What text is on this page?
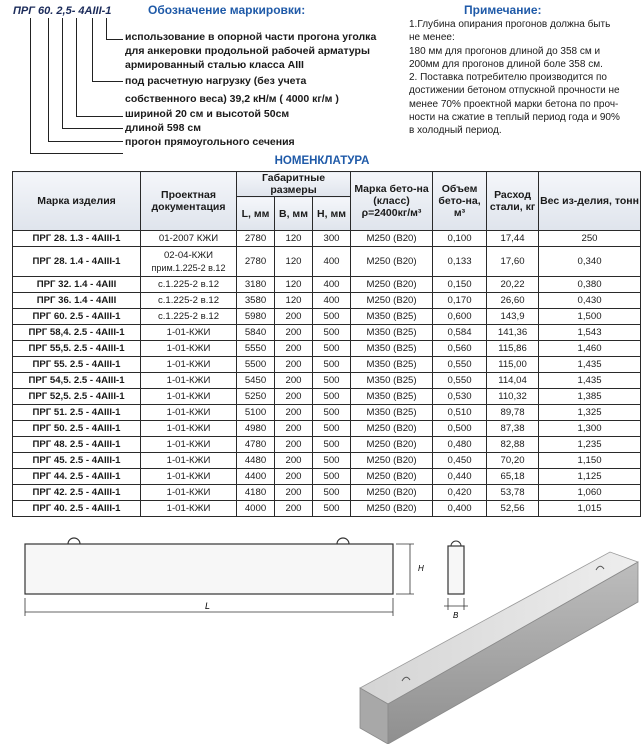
ПРГ 60. 2,5- 4АIII-1	Обозначение маркировки:
использование в опорной части прогона уголка
для анкеровки продольной рабочей арматуры
армированный сталью класса АIII
под расчетную нагрузку (без учета
собственного веса) 39,2 кН/м ( 4000 кг/м )
шириной 20 см и высотой 50см
длиной 598 см
прогон прямоугольного сечения
Примечание:
1.Глубина опирания прогонов должна быть
не менее:
180 мм для прогонов длиной до 358 см и
200мм для прогонов длиной боле 358 см.
2. Поставка потребителю производится по
достижении бетоном отпускной прочности не
менее 70% проектной марки бетона по проч-
ности на сжатие в теплый период года и 90%
в холодный период.
НОМЕНКЛАТУРА
Марка изделия	Проектная документация	Габаритные размеры			Марка бето-на (класс) ρ=2400кг/м³	Объем бето-на, м³	Расход стали, кг	Вес из-делия, тонн
		L, мм	B, мм	H, мм				
ПРГ 28. 1.3 - 4АIII-1	01-2007 КЖИ	2780	120	300	М250 (В20)	0,100	17,44	250
ПРГ 28. 1.4 - 4АIII-1	02-04-КЖИ
прим.1.225-2 в.12	2780	120	400	М250 (В20)	0,133	17,60	0,340
ПРГ 32. 1.4 - 4АIII	с.1.225-2 в.12	3180	120	400	М250 (В20)	0,150	20,22	0,380
ПРГ 36. 1.4 - 4АIII	с.1.225-2 в.12	3580	120	400	М250 (В20)	0,170	26,60	0,430
ПРГ 60. 2.5 - 4АIII-1	с.1.225-2 в.12	5980	200	500	М350 (В25)	0,600	143,9	1,500
ПРГ 58,4. 2.5 - 4АIII-1	1-01-КЖИ	5840	200	500	М350 (В25)	0,584	141,36	1,543
ПРГ 55,5. 2.5 - 4АIII-1	1-01-КЖИ	5550	200	500	М350 (В25)	0,560	115,86	1,460
ПРГ 55. 2.5 - 4АIII-1	1-01-КЖИ	5500	200	500	М350 (В25)	0,550	115,00	1,435
ПРГ 54,5. 2.5 - 4АIII-1	1-01-КЖИ	5450	200	500	М350 (В25)	0,550	114,04	1,435
ПРГ 52,5. 2.5 - 4АIII-1	1-01-КЖИ	5250	200	500	М350 (В25)	0,530	110,32	1,385
ПРГ 51. 2.5 - 4АIII-1	1-01-КЖИ	5100	200	500	М350 (В25)	0,510	89,78	1,325
ПРГ 50. 2.5 - 4АIII-1	1-01-КЖИ	4980	200	500	М250 (В20)	0,500	87,38	1,300
ПРГ 48. 2.5 - 4АIII-1	1-01-КЖИ	4780	200	500	М250 (В20)	0,480	82,88	1,235
ПРГ 45. 2.5 - 4АIII-1	1-01-КЖИ	4480	200	500	М250 (В20)	0,450	70,20	1,150
ПРГ 44. 2.5 - 4АIII-1	1-01-КЖИ	4400	200	500	М250 (В20)	0,440	65,18	1,125
ПРГ 42. 2.5 - 4АIII-1	1-01-КЖИ	4180	200	500	М250 (В20)	0,420	53,78	1,060
ПРГ 40. 2.5 - 4АIII-1	1-01-КЖИ	4000	200	500	М250 (В20)	0,400	52,56	1,015
L
H
B
